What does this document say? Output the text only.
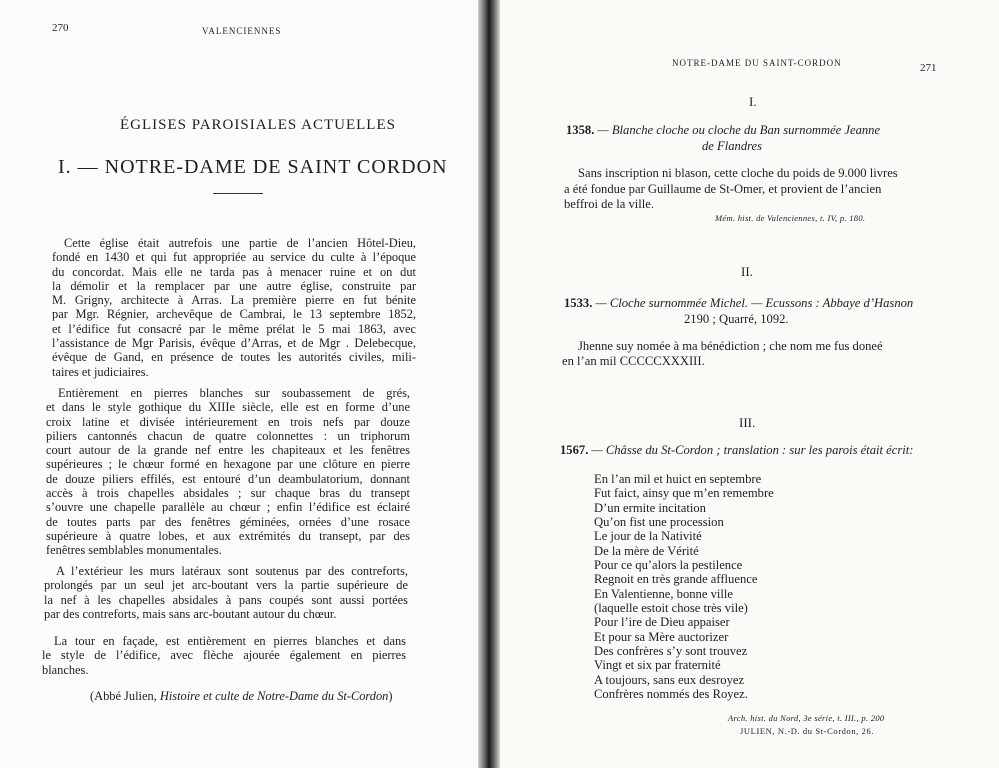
270	VALENCIENNES
ÉGLISES PAROISIALES ACTUELLES
I. — NOTRE-DAME DE SAINT CORDON

Cette église était autrefois une partie de l’ancien Hôtel-Dieu,
fondé en 1430 et qui fut appropriée au service du culte à l’époque
du concordat. Mais elle ne tarda pas à menacer ruine et on dut
la démolir et la remplacer par une autre église, construite par
M. Grigny, architecte à Arras. La première pierre en fut bénite
par Mgr. Régnier, archevêque de Cambrai, le 13 septembre 1852,
et l’édifice fut consacré par le même prélat le 5 mai 1863, avec
l’assistance de Mgr Parisis, évêque d’Arras, et de Mgr . Delebecque,
évêque de Gand, en présence de toutes les autorités civiles, mili-
taires et judiciaires.

Entièrement en pierres blanches sur soubassement de grés,
et dans le style gothique du XIIIe siècle, elle est en forme d’une
croix latine et divisée intérieurement en trois nefs par douze
piliers cantonnés chacun de quatre colonnettes : un triphorum
court autour de la grande nef entre les chapiteaux et les fenêtres
supérieures ; le chœur formé en hexagone par une clôture en pierre
de douze piliers effilés, est entouré d’un deambulatorium, donnant
accès à trois chapelles absidales ; sur chaque bras du transept
s’ouvre une chapelle parallèle au chœur ; enfin l’édifice est éclairé
de toutes parts par des fenêtres géminées, ornées d’une rosace
supérieure à quatre lobes, et aux extrémités du transept, par des
fenêtres semblables monumentales.

A l’extérieur les murs latéraux sont soutenus par des contreforts,
prolongés par un seul jet arc-boutant vers la partie supérieure de
la nef à les chapelles absidales à pans coupés sont aussi portées
par des contreforts, mais sans arc-boutant autour du chœur.

La tour en façade, est entièrement en pierres blanches et dans
le style de l’édifice, avec flèche ajourée également en pierres
blanches.

(Abbé Julien, Histoire et culte de Notre-Dame du St-Cordon)
NOTRE-DAME DU SAINT-CORDON	271
I.
1358. — Blanche cloche ou cloche du Ban surnommée Jeanne
de Flandres
Sans inscription ni blason, cette cloche du poids de 9.000 livres
a été fondue par Guillaume de St-Omer, et provient de l’ancien
beffroi de la ville.
Mém. hist. de Valenciennes, t. IV, p. 180.
II.
1533. — Cloche surnommée Michel. — Ecussons : Abbaye d’Hasnon
2190 ; Quarré, 1092.
Jhenne suy nomée à ma bénédiction ; che nom me fus doneé
en l’an mil CCCCCXXXIII.
III.
1567. — Châsse du St-Cordon ; translation : sur les parois était écrit:
En l’an mil et huict en septembre
Fut faict, ainsy que m’en remembre
D’un ermite incitation
Qu’on fist une procession
Le jour de la Nativité
De la mère de Vérité
Pour ce qu’alors la pestilence
Regnoit en très grande affluence
En Valentienne, bonne ville
(laquelle estoit chose très vile)
Pour l’ire de Dieu appaiser
Et pour sa Mère auctorizer
Des confrères s’y sont trouvez
Vingt et six par fraternité
A toujours, sans eux desroyez
Confrères nommés des Royez.
Arch. hist. du Nord, 3e série, t. III., p. 200
JULIEN, N.-D. du St-Cordon, 26.
